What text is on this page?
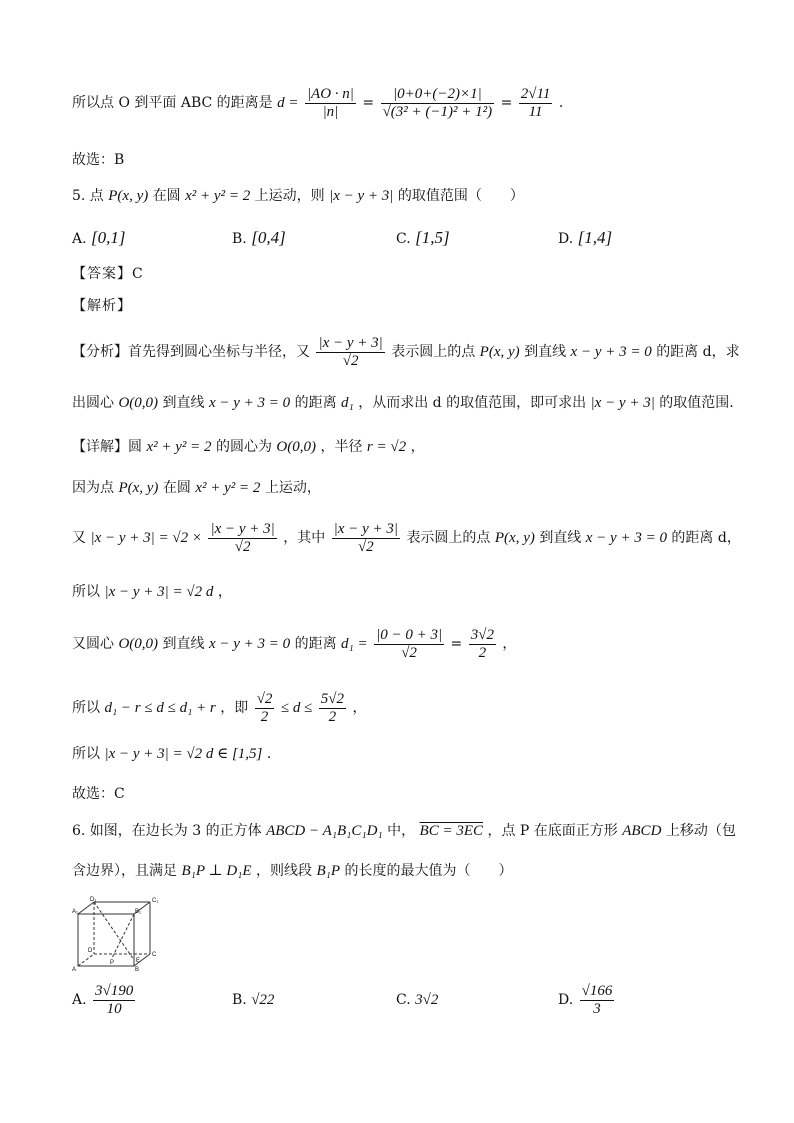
所以点 O 到平面 ABC 的距离是 $d = \frac{|AO \cdot n|}{|n|} = \frac{|0+0+(-2)\times 1|}{\text{√(3² + (−1)² + 1²)}} = \frac{2√11}{11}$ .
故选：B
5. 点 P(x, y) 在圆 x² + y² = 2 上运动，则 |x − y + 3| 的取值范围（　　）
A. [0,1]	B. [0,4]	C. [1,5]	D. [1,4]
【答案】C
【解析】
【分析】首先得到圆心坐标与半径，又 $\frac{|x - y + 3|}{√2}$ 表示圆上的点 P(x, y) 到直线 x − y + 3 = 0 的距离 d，求
出圆心 O(0,0) 到直线 x − y + 3 = 0 的距离 d₁ ，从而求出 d 的取值范围，即可求出 |x − y + 3| 的取值范围.
【详解】圆 x² + y² = 2 的圆心为 O(0,0) ，半径 r = √2 ，
因为点 P(x, y) 在圆 x² + y² = 2 上运动，
又 $|x - y + 3| = √2 \times \frac{|x - y + 3|}{√2}$ ，其中 $\frac{|x - y + 3|}{√2}$ 表示圆上的点 P(x, y) 到直线 x − y + 3 = 0 的距离 d，
所以 |x − y + 3| = √2 d ，
又圆心 O(0,0) 到直线 x − y + 3 = 0 的距离 $d_1 = \frac{|0 - 0 + 3|}{√2} = \frac{3√2}{2}$ ，
所以 d₁ − r ≤ d ≤ d₁ + r ，即 $\frac{√2}{2} \le d \le \frac{5√2}{2}$ ，
所以 |x − y + 3| = √2 d ∈ [1,5] .
故选：C
6. 如图，在边长为 3 的正方体 ABCD − A₁B₁C₁D₁ 中， BC = 3EC ，点 P 在底面正方形 ABCD 上移动（包
含边界），且满足 B₁P ⊥ D₁E ，则线段 B₁P 的长度的最大值为（　　）
D₁	C₁
A₁	B₁
D
C
A	B
E
P
A. $\frac{3√190}{10}$	B. √22	C. 3√2	D. $\frac{√166}{3}$
